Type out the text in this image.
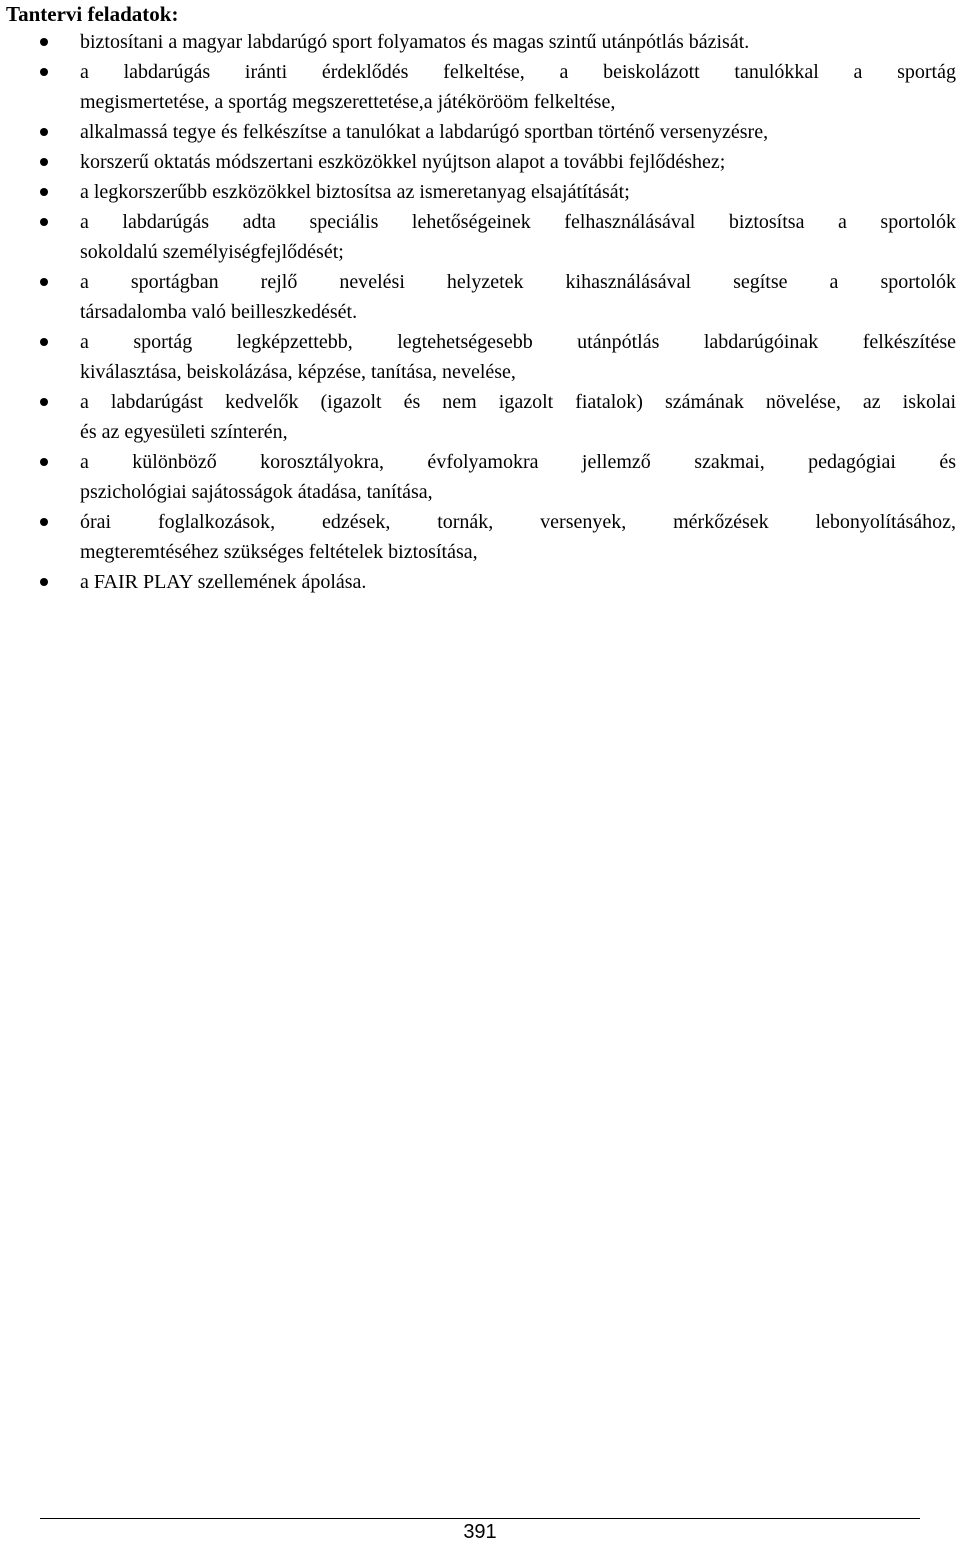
Tantervi feladatok:
biztosítani a magyar labdarúgó sport folyamatos és magas szintű utánpótlás bázisát.
a labdarúgás iránti érdeklődés felkeltése, a beiskolázott tanulókkal a sportág
megismertetése, a sportág megszerettetése,a játékörööm felkeltése,
alkalmassá tegye és felkészítse a tanulókat a labdarúgó sportban történő versenyzésre,
korszerű oktatás módszertani eszközökkel nyújtson alapot a további fejlődéshez;
a legkorszerűbb eszközökkel biztosítsa az ismeretanyag elsajátítását;
a labdarúgás adta speciális lehetőségeinek felhasználásával biztosítsa a sportolók
sokoldalú személyiségfejlődését;
a sportágban rejlő nevelési helyzetek kihasználásával segítse a sportolók
társadalomba való beilleszkedését.
a sportág legképzettebb, legtehetségesebb utánpótlás labdarúgóinak felkészítése
kiválasztása, beiskolázása, képzése, tanítása, nevelése,
a labdarúgást kedvelők (igazolt és nem igazolt fiatalok) számának növelése, az iskolai
és az egyesületi színterén,
a különböző korosztályokra, évfolyamokra jellemző szakmai, pedagógiai és
pszichológiai sajátosságok átadása, tanítása,
órai foglalkozások, edzések, tornák, versenyek, mérkőzések lebonyolításához,
megteremtéséhez szükséges feltételek biztosítása,
a FAIR PLAY szellemének ápolása.
391
